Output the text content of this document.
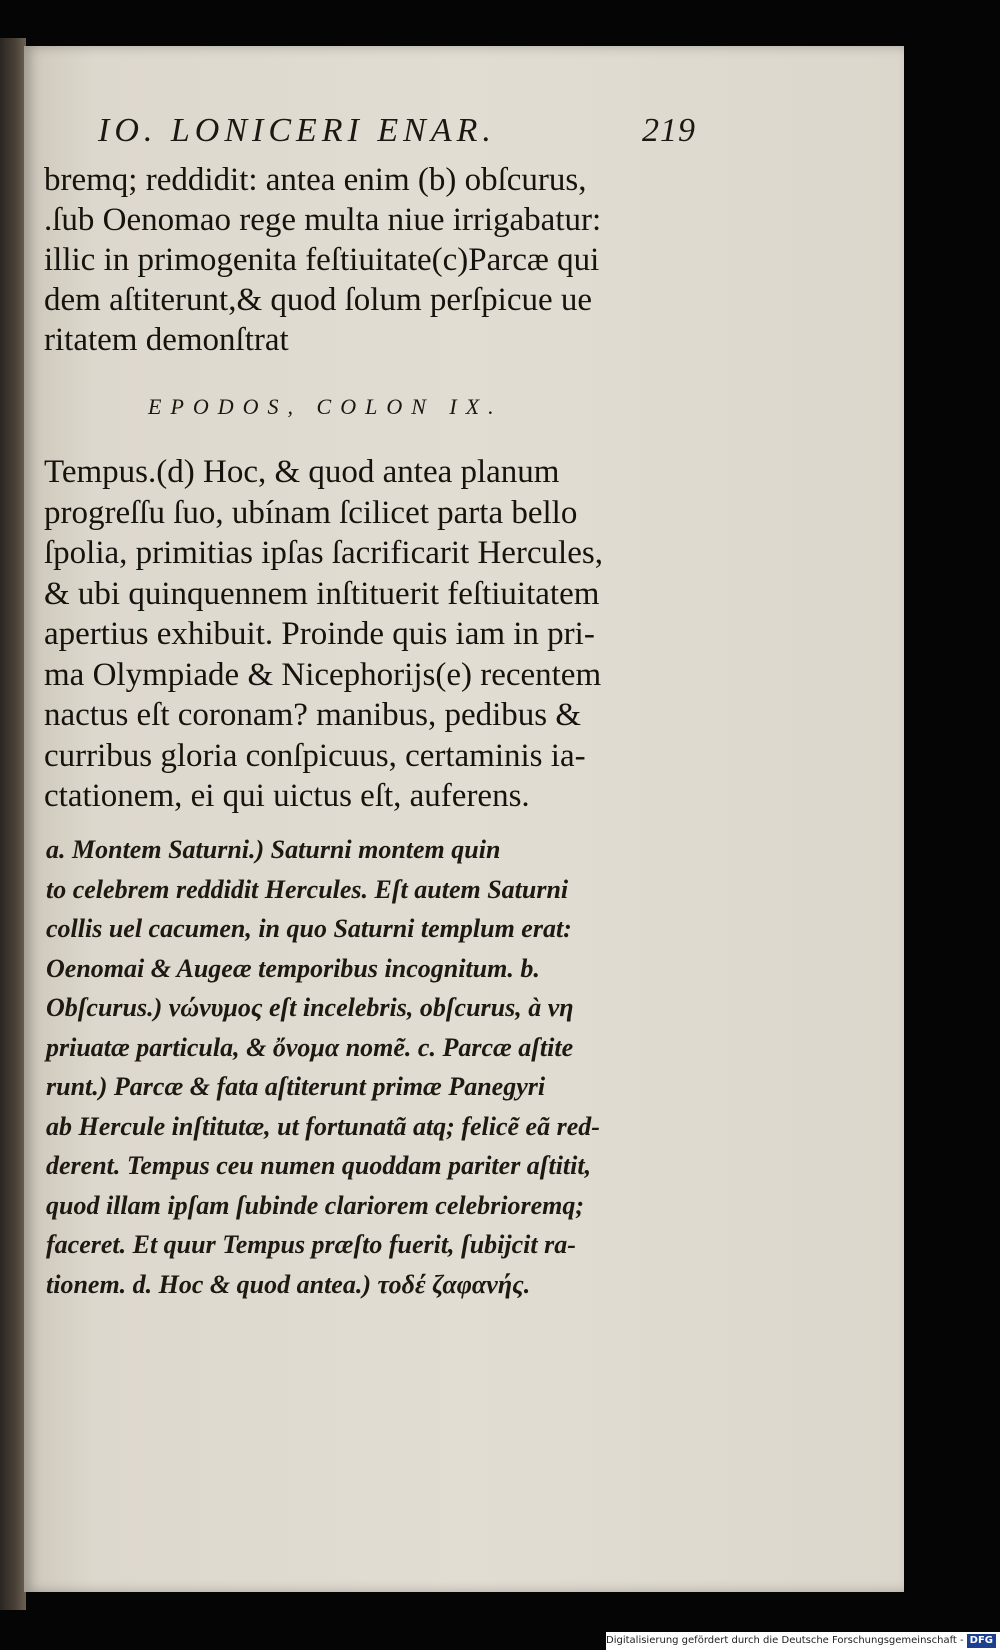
IO. LONICERI ENAR.	219
bremq; reddidit: antea enim (b) obſcurus,
.ſub Oenomao rege multa niue irrigabatur:
illic in primogenita feſtiuitate(c)Parcæ qui
dem aſtiterunt,& quod ſolum perſpicue ue
ritatem demonſtrat
EPODOS, COLON IX.
Tempus.(d) Hoc, & quod antea planum
progreſſu ſuo, ubínam ſcilicet parta bello
ſpolia, primitias ipſas ſacrificarit Hercules,
& ubi quinquennem inſtituerit feſtiuitatem
apertius exhibuit. Proinde quis iam in pri-
ma Olympiade & Nicephorijs(e) recentem
nactus eſt coronam? manibus, pedibus &
curribus gloria conſpicuus, certaminis ia-
ctationem, ei qui uictus eſt, auferens.
a. Montem Saturni.) Saturni montem quin
to celebrem reddidit Hercules. Eſt autem Saturni
collis uel cacumen, in quo Saturni templum erat:
Oenomai & Augeæ temporibus incognitum. b.
Obſcurus.) νώνυμος eſt incelebris, obſcurus, à νη
priuatæ particula, & ὄνομα nomẽ. c. Parcæ aſtite
runt.) Parcæ & fata aſtiterunt primæ Panegyri
ab Hercule inſtitutæ, ut fortunatã atq; felicẽ eã red-
derent. Tempus ceu numen quoddam pariter aſtitit,
quod illam ipſam ſubinde clariorem celebrioremq;
faceret. Et quur Tempus præſto fuerit, ſubijcit ra-
tionem. d. Hoc & quod antea.) τοδέ ζαφανής.
Digitalisierung gefördert durch die Deutsche Forschungsgemeinschaft - DFG
